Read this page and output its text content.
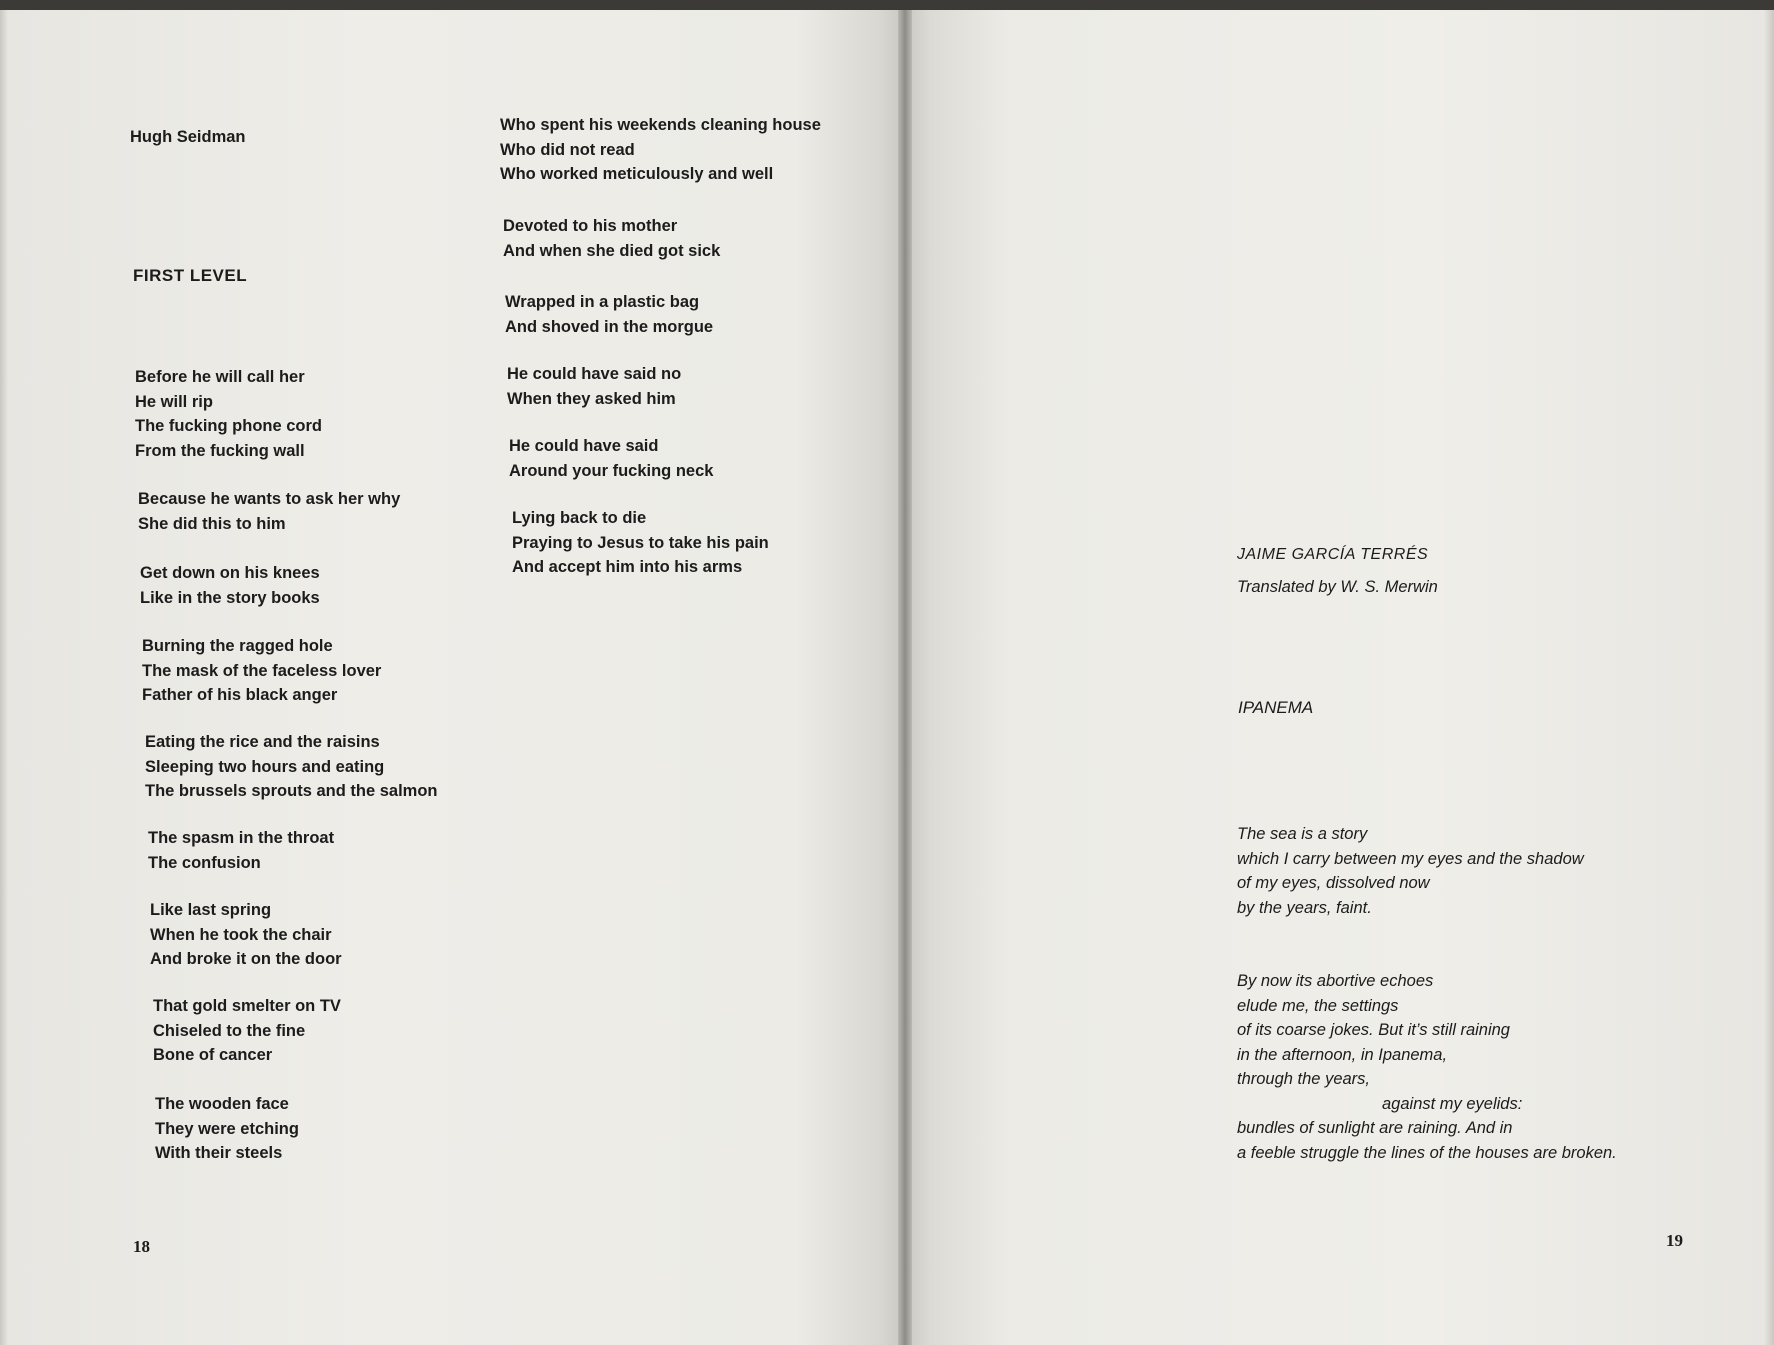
Hugh Seidman
FIRST LEVEL
Before he will call her
He will rip
The fucking phone cord
From the fucking wall
Because he wants to ask her why
She did this to him
Get down on his knees
Like in the story books
Burning the ragged hole
The mask of the faceless lover
Father of his black anger
Eating the rice and the raisins
Sleeping two hours and eating
The brussels sprouts and the salmon
The spasm in the throat
The confusion
Like last spring
When he took the chair
And broke it on the door
That gold smelter on TV
Chiseled to the fine
Bone of cancer
The wooden face
They were etching
With their steels
Who spent his weekends cleaning house
Who did not read
Who worked meticulously and well
Devoted to his mother
And when she died got sick
Wrapped in a plastic bag
And shoved in the morgue
He could have said no
When they asked him
He could have said
Around your fucking neck
Lying back to die
Praying to Jesus to take his pain
And accept him into his arms
18
JAIME GARCÍA TERRÉS
Translated by W. S. Merwin
IPANEMA
The sea is a story
which I carry between my eyes and the shadow
of my eyes, dissolved now
by the years, faint.
By now its abortive echoes
elude me, the settings
of its coarse jokes. But it’s still raining
in the afternoon, in Ipanema,
through the years,
against my eyelids:
bundles of sunlight are raining. And in
a feeble struggle the lines of the houses are broken.
19
